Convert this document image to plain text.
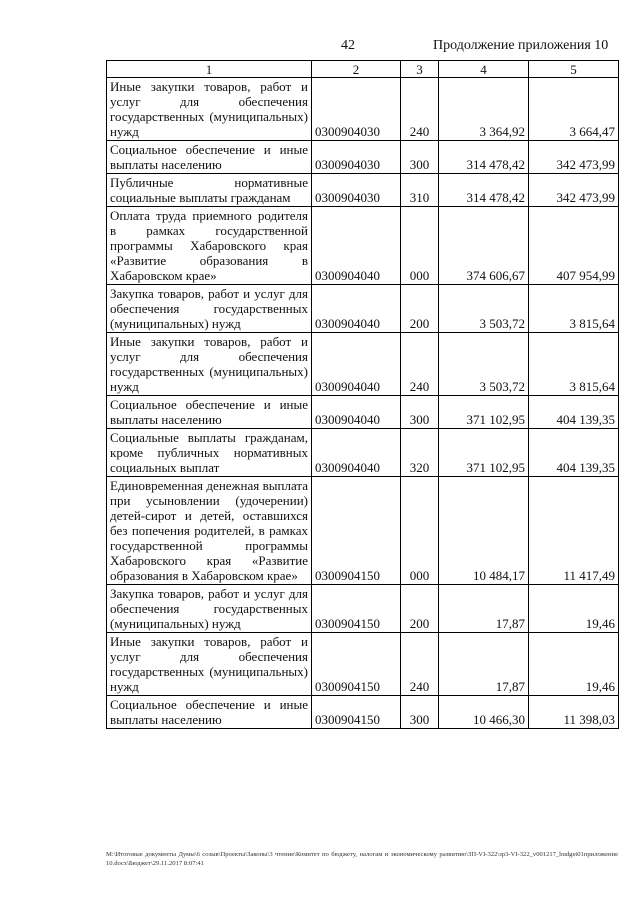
42	Продолжение приложения 10
1	2	3	4	5
Иные закупки товаров, работ и услуг для обеспечения государственных (муниципальных) нужд	0300904030	240	3 364,92	3 664,47
Социальное обеспечение и иные выплаты населению	0300904030	300	314 478,42	342 473,99
Публичные нормативные социальные выплаты гражданам	0300904030	310	314 478,42	342 473,99
Оплата труда приемного родителя в рамках государственной программы Хабаровского края «Развитие образования в Хабаровском крае»	0300904040	000	374 606,67	407 954,99
Закупка товаров, работ и услуг для обеспечения государственных (муниципальных) нужд	0300904040	200	3 503,72	3 815,64
Иные закупки товаров, работ и услуг для обеспечения государственных (муниципальных) нужд	0300904040	240	3 503,72	3 815,64
Социальное обеспечение и иные выплаты населению	0300904040	300	371 102,95	404 139,35
Социальные выплаты гражданам, кроме публичных нормативных социальных выплат	0300904040	320	371 102,95	404 139,35
Единовременная денежная выплата при усыновлении (удочерении) детей-сирот и детей, оставшихся без попечения родителей, в рамках государственной программы Хабаровского края «Развитие образования в Хабаровском крае»	0300904150	000	10 484,17	11 417,49
Закупка товаров, работ и услуг для обеспечения государственных (муниципальных) нужд	0300904150	200	17,87	19,46
Иные закупки товаров, работ и услуг для обеспечения государственных (муниципальных) нужд	0300904150	240	17,87	19,46
Социальное обеспечение и иные выплаты населению	0300904150	300	10 466,30	11 398,03
М:\Итоговые документы Думы\6 созыв\Проекты\Законы\3 чтение\Комитет по бюджету, налогам и экономическому развитию\ЗП-VI-322\зр3-VI-322_v001217_budget01приложение 10.docx\Бюджет\29.11.2017 8:07:41
